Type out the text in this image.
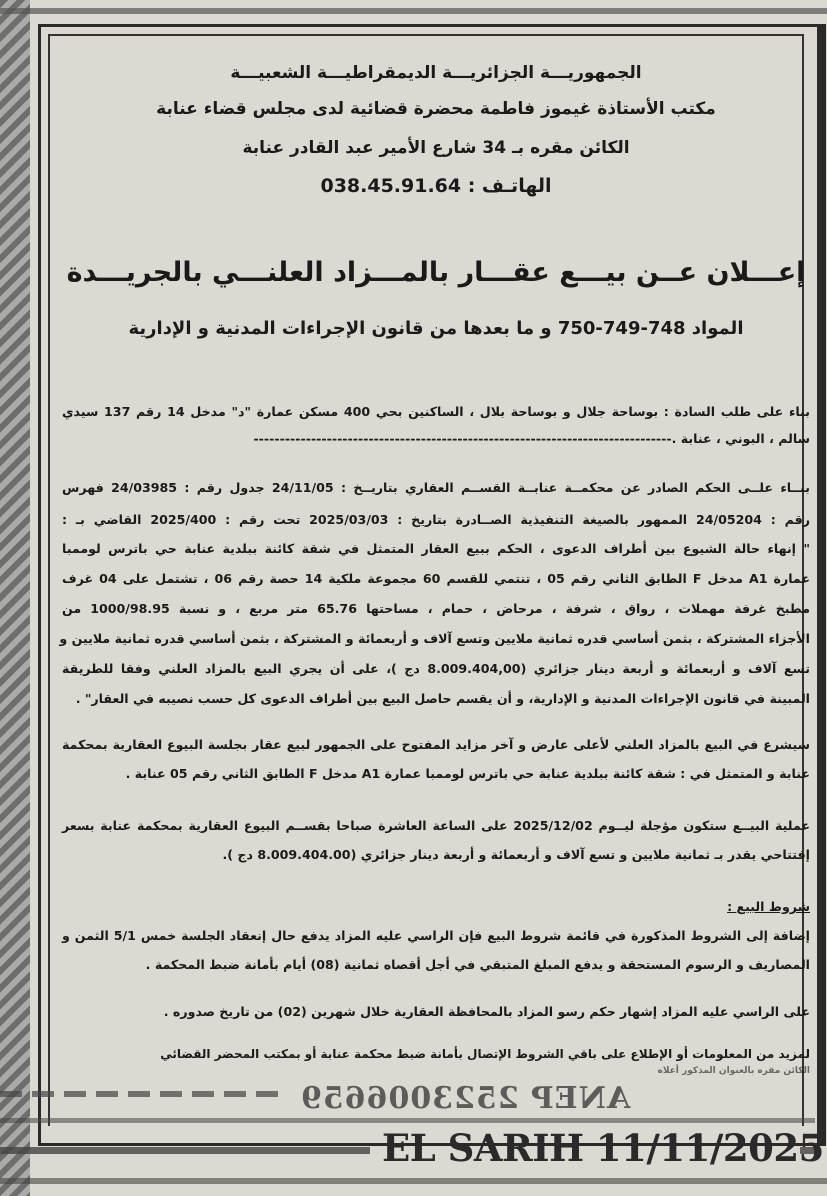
الجمهوريـــة الجزائريـــة الديمقراطيـــة الشعبيـــة
مكتب الأستاذة غيموز فاطمة محضرة قضائية لدى مجلس قضاء عنابة
الكائن مقره بـ 34 شارع الأمير عبد القادر عنابة
الهاتـف : 038.45.91.64
إعـــلان عــن بيـــع عقـــار بالمـــزاد العلنـــي بالجريـــدة
المواد 748-749-750 و ما بعدها من قانون الإجراءات المدنية و الإدارية
بناء على طلب السادة : بوساحة جلال و بوساحة بلال ، الساكنين بحي 400 مسكن عمارة "د" مدخل 14 رقم 137 سيدي
سالم ، البوني ، عنابة .--------------------------------------------------------------------------------
بنــاء علــى الحكم الصادر عن محكمــة عنابــة القســم العقاري بتاريــخ : 24/11/05 جدول رقم : 24/03985 فهرس
رقم : 24/05204 الممهور بالصيغة التنفيذية الصــادرة بتاريخ : 2025/03/03 تحت رقم : 2025/400 القاضي بـ :
" إنهاء حالة الشيوع بين أطراف الدعوى ، الحكم ببيع العقار المتمثل في شقة كائنة ببلدية عنابة حي باترس لوممبا
عمارة A1 مدخل F الطابق الثاني رقم 05 ، تنتمي للقسم 60 مجموعة ملكية 14 حصة رقم 06 ، تشتمل على 04 غرف
مطبخ غرفة مهملات ، رواق ، شرفة ، مرحاض ، حمام ، مساحتها 65.76 متر مربع ، و نسبة 1000/98.95 من
الأجزاء المشتركة ، بثمن أساسي قدره ثمانية ملايين وتسع آلاف و أربعمائة و المشتركة ، بثمن أساسي قدره ثمانية ملايين و
تسع آلاف و أربعمائة و أربعة دينار جزائري (8.009.404,00 دج )، على أن يجري البيع بالمزاد العلني وفقا للطريقة
المبينة في قانون الإجراءات المدنية و الإدارية، و أن يقسم حاصل البيع بين أطراف الدعوى كل حسب نصيبه في العقار" .
سيشرع في البيع بالمزاد العلني لأعلى عارض و آخر مزايد المفتوح على الجمهور لبيع عقار بجلسة البيوع العقارية بمحكمة
عنابة و المتمثل في : شقة كائنة ببلدية عنابة حي باترس لوممبا عمارة A1 مدخل F الطابق الثاني رقم 05 عنابة .
عملية البيــع ستكون مؤجلة ليــوم 2025/12/02 على الساعة العاشرة صباحا بقســم البيوع العقارية بمحكمة عنابة بسعر
إفتتاحي يقدر بـ ثمانية ملايين و تسع آلاف و أربعمائة و أربعة دينار جزائري (8.009.404.00 دج ).
شروط البيع :
إضافة إلى الشروط المذكورة في قائمة شروط البيع فإن الراسي عليه المزاد يدفع حال إنعقاد الجلسة خمس 5/1 الثمن و
المصاريف و الرسوم المستحقة و يدفع المبلغ المتبقي في أجل أقصاه ثمانية (08) أيام بأمانة ضبط المحكمة .
على الراسي عليه المزاد إشهار حكم رسو المزاد بالمحافظة العقارية خلال شهرين (02) من تاريخ صدوره .
لمزيد من المعلومات أو الإطلاع على باقي الشروط الإتصال بأمانة ضبط محكمة عنابة أو بمكتب المحضر القضائي
الكائن مقره بالعنوان المذكور أعلاه
ANEP 2523006659
EL SARIH 11/11/2025
